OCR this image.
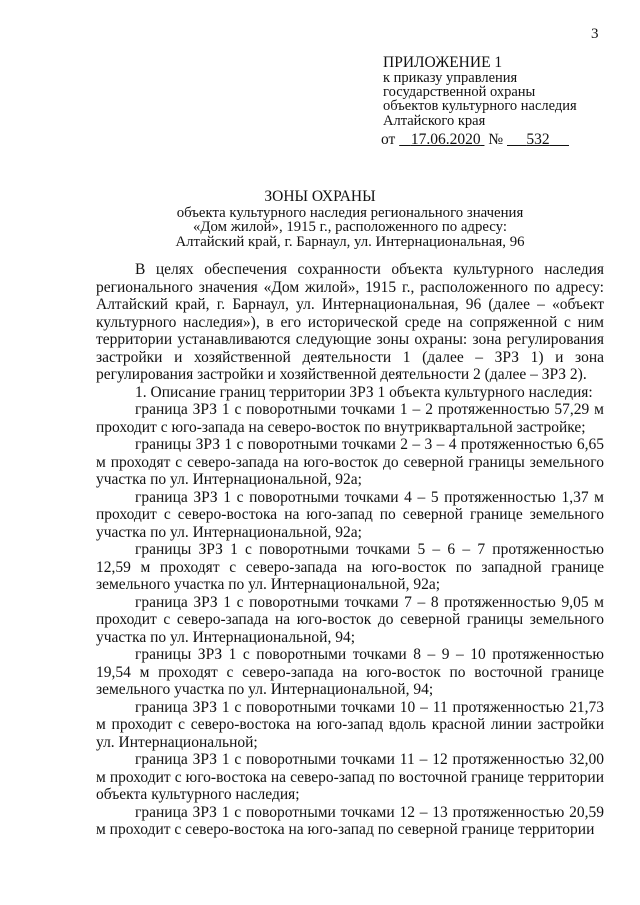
3
ПРИЛОЖЕНИЕ 1
к приказу управления
государственной охраны
объектов культурного наследия
Алтайского края
от 17.06.2020 № 532
ЗОНЫ ОХРАНЫ
объекта культурного наследия регионального значения
«Дом жилой», 1915 г., расположенного по адресу:
Алтайский край, г. Барнаул, ул. Интернациональная, 96

В целях обеспечения сохранности объекта культурного наследия регионального значения «Дом жилой», 1915 г., расположенного по адресу: Алтайский край, г. Барнаул, ул. Интернациональная, 96 (далее – «объект культурного наследия»), в его исторической среде на сопряженной с ним территории устанавливаются следующие зоны охраны: зона регулирования застройки и хозяйственной деятельности 1 (далее – ЗРЗ 1) и зона регулирования застройки и хозяйственной деятельности 2 (далее – ЗРЗ 2).

1. Описание границ территории ЗРЗ 1 объекта культурного наследия:

граница ЗРЗ 1 с поворотными точками 1 – 2 протяженностью 57,29 м проходит с юго-запада на северо-восток по внутриквартальной застройке;

границы ЗРЗ 1 с поворотными точками 2 – 3 – 4 протяженностью 6,65 м проходят с северо-запада на юго-восток до северной границы земельного участка по ул. Интернациональной, 92а;

граница ЗРЗ 1 с поворотными точками 4 – 5 протяженностью 1,37 м проходит с северо-востока на юго-запад по северной границе земельного участка по ул. Интернациональной, 92а;

границы ЗРЗ 1 с поворотными точками 5 – 6 – 7 протяженностью 12,59 м проходят с северо-запада на юго-восток по западной границе земельного участка по ул. Интернациональной, 92а;

граница ЗРЗ 1 с поворотными точками 7 – 8 протяженностью 9,05 м проходит с северо-запада на юго-восток до северной границы земельного участка по ул. Интернациональной, 94;

границы ЗРЗ 1 с поворотными точками 8 – 9 – 10 протяженностью 19,54 м проходят с северо-запада на юго-восток по восточной границе земельного участка по ул. Интернациональной, 94;

граница ЗРЗ 1 с поворотными точками 10 – 11 протяженностью 21,73 м проходит с северо-востока на юго-запад вдоль красной линии застройки ул. Интернациональной;

граница ЗРЗ 1 с поворотными точками 11 – 12 протяженностью 32,00 м проходит с юго-востока на северо-запад по восточной границе территории объекта культурного наследия;

граница ЗРЗ 1 с поворотными точками 12 – 13 протяженностью 20,59 м проходит с северо-востока на юго-запад по северной границе территории
